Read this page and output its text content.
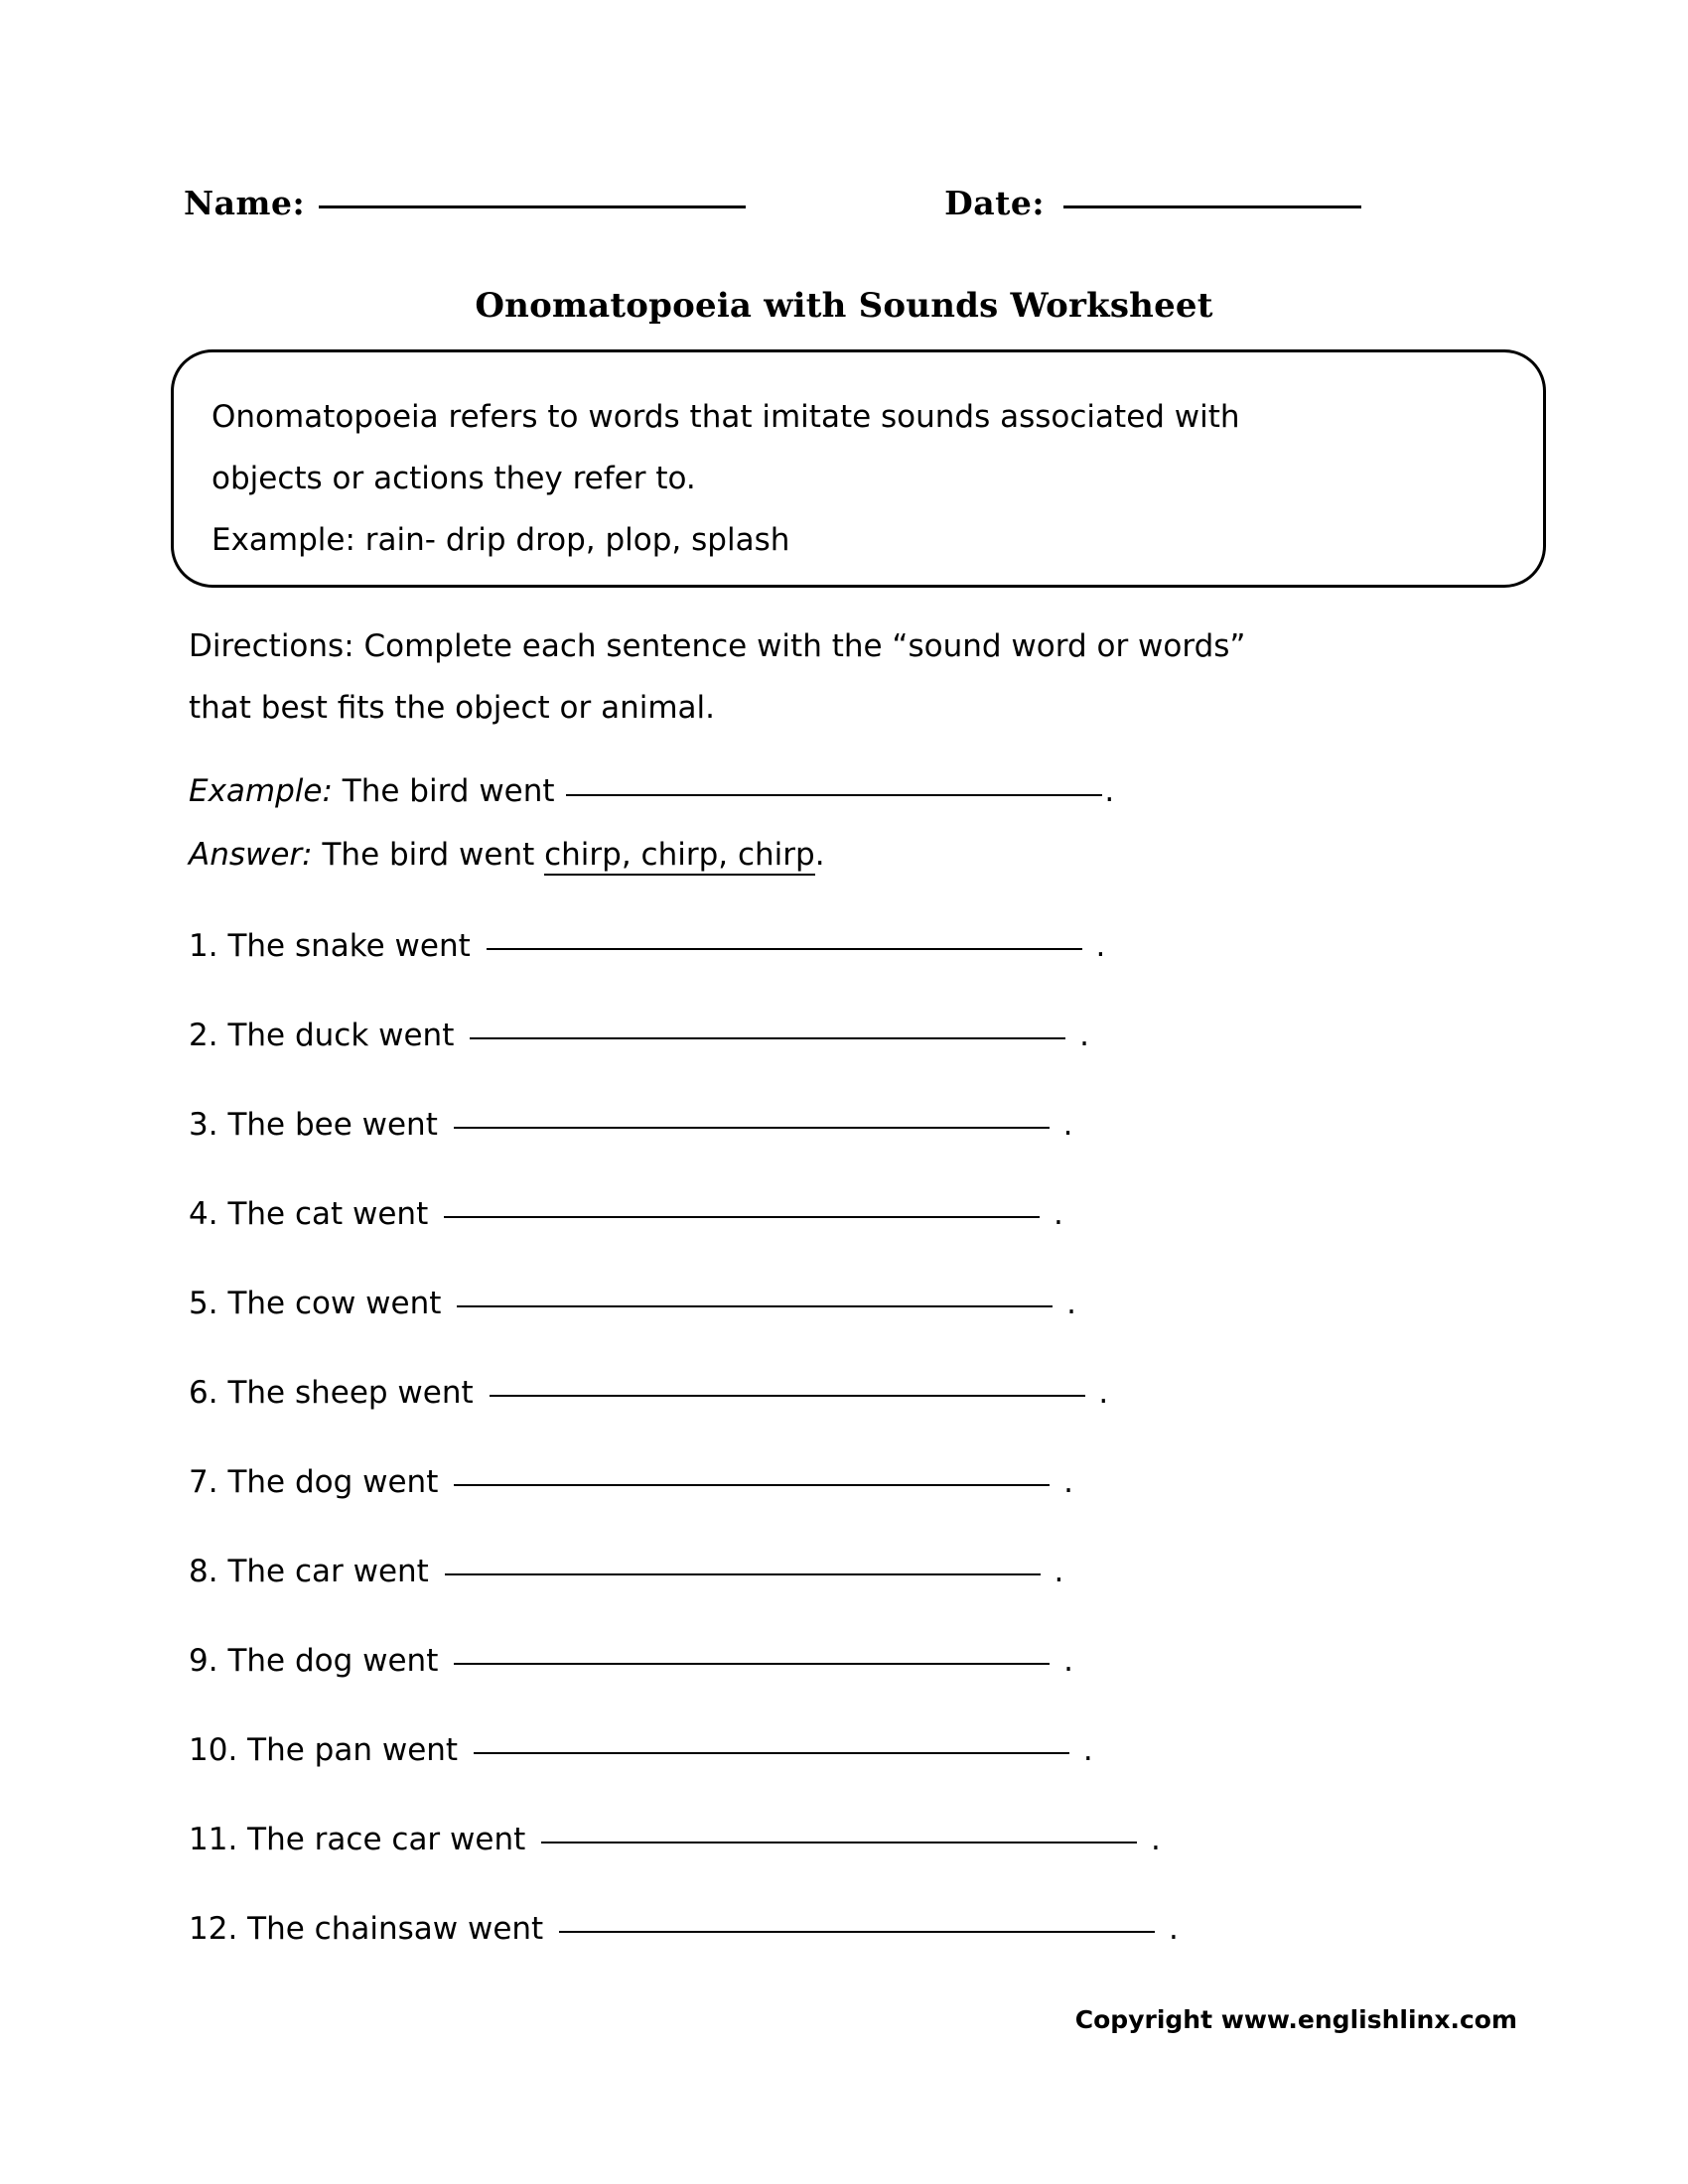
Name:	Date:
Onomatopoeia with Sounds Worksheet
Onomatopoeia refers to words that imitate sounds associated with
objects or actions they refer to.
Example: rain- drip drop, plop, splash
Directions: Complete each sentence with the “sound word or words”
that best fits the object or animal.
Example: The bird went	.
Answer: The bird went chirp, chirp, chirp.
1. The snake went	.
2. The duck went	.
3. The bee went	.
4. The cat went	.
5. The cow went	.
6. The sheep went	.
7. The dog went	.
8. The car went	.
9. The dog went	.
10. The pan went	.
11. The race car went	.
12. The chainsaw went	.
Copyright www.englishlinx.com
